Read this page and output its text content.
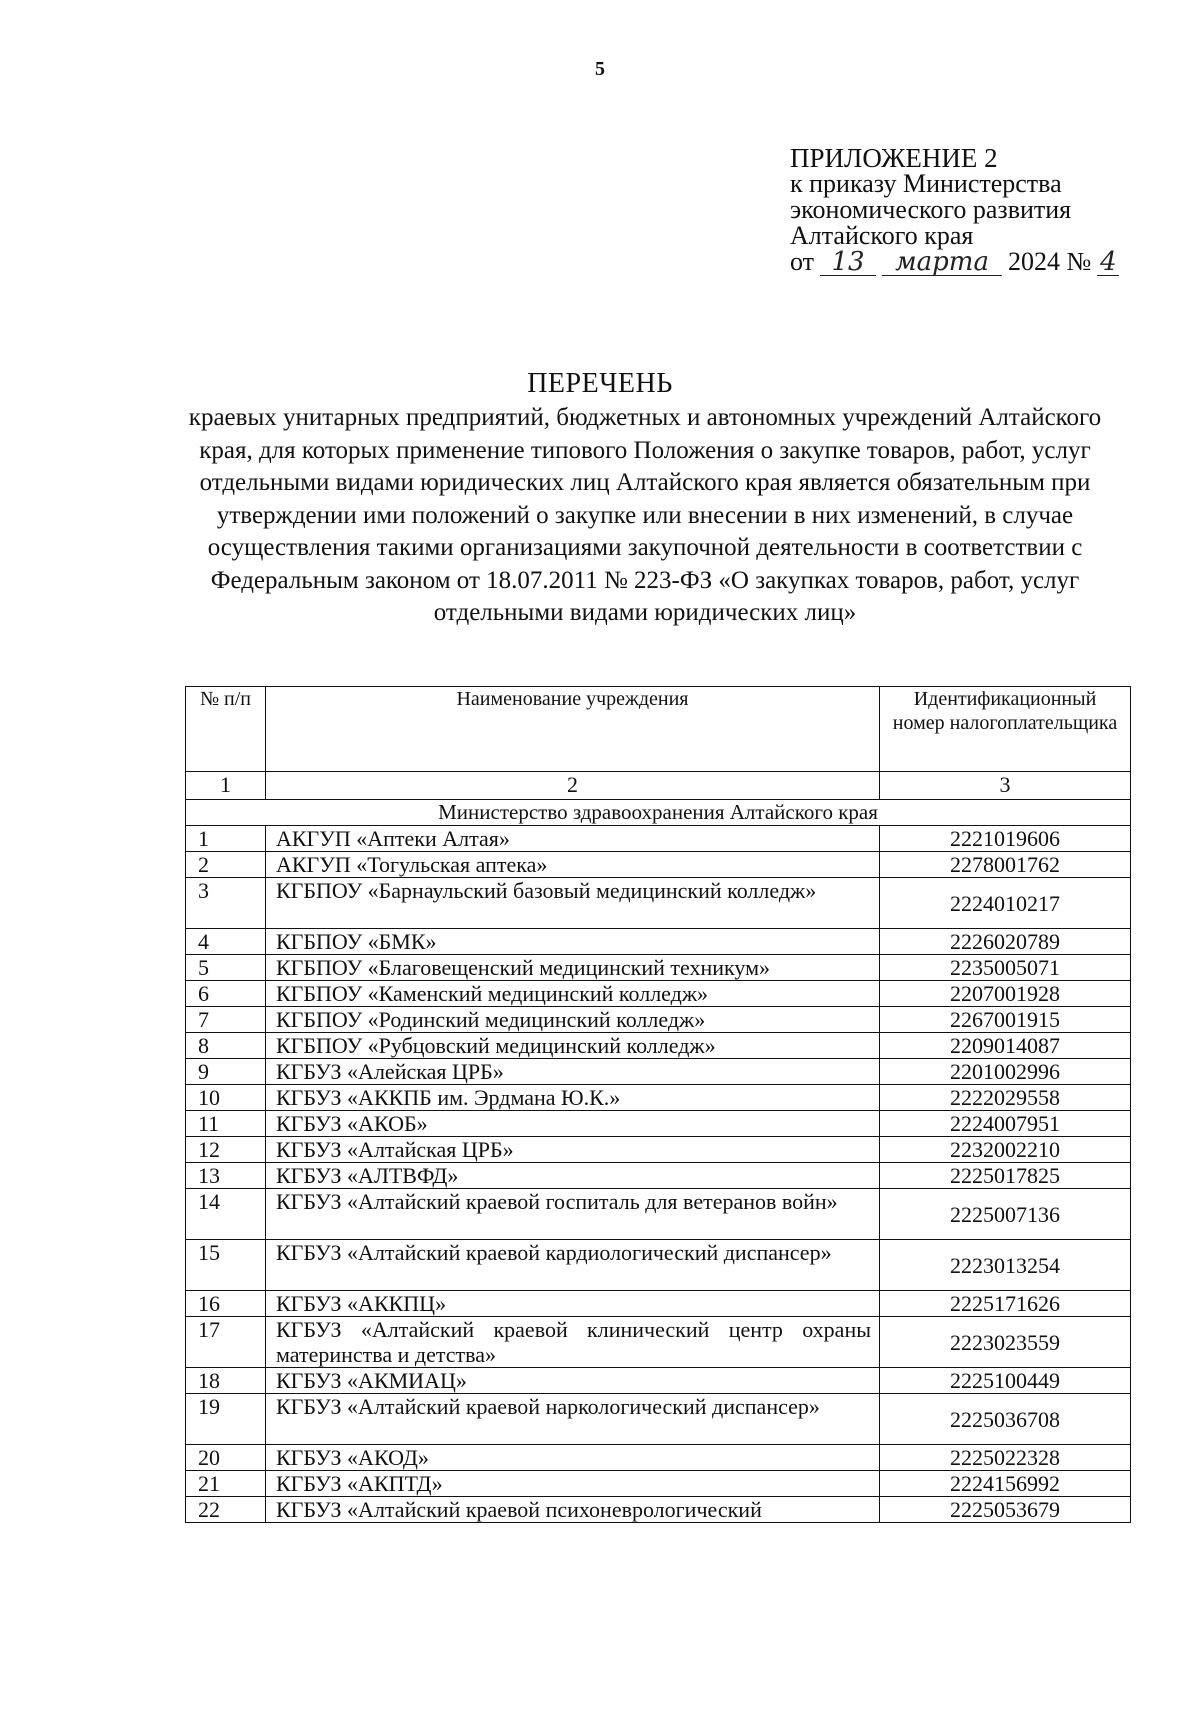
5
ПРИЛОЖЕНИЕ 2
к приказу Министерства
экономического развития
Алтайского края
от 13	марта 2024 № 4
ПЕРЕЧЕНЬ
краевых унитарных предприятий, бюджетных и автономных учреждений Алтайского края, для которых применение типового Положения о закупке товаров, работ, услуг отдельными видами юридических лиц Алтайского края является обязательным при утверждении ими положений о закупке или внесении в них изменений, в случае осуществления такими организациями закупочной деятельности в соответствии с Федеральным законом от 18.07.2011 № 223-ФЗ «О закупках товаров, работ, услуг отдельными видами юридических лиц»
№ п/п	Наименование учреждения	Идентификационный номер налогоплательщика
1	2	3
Министерство здравоохранения Алтайского края		
1	АКГУП «Аптеки Алтая»	2221019606
2	АКГУП «Тогульская аптека»	2278001762
3	КГБПОУ «Барнаульский базовый медицинский колледж»	2224010217
4	КГБПОУ «БМК»	2226020789
5	КГБПОУ «Благовещенский медицинский техникум»	2235005071
6	КГБПОУ «Каменский медицинский колледж»	2207001928
7	КГБПОУ «Родинский медицинский колледж»	2267001915
8	КГБПОУ «Рубцовский медицинский колледж»	2209014087
9	КГБУЗ «Алейская ЦРБ»	2201002996
10	КГБУЗ «АККПБ им. Эрдмана Ю.К.»	2222029558
11	КГБУЗ «АКОБ»	2224007951
12	КГБУЗ «Алтайская ЦРБ»	2232002210
13	КГБУЗ «АЛТВФД»	2225017825
14	КГБУЗ «Алтайский краевой госпиталь для ветеранов войн»	2225007136
15	КГБУЗ «Алтайский краевой кардиологический диспансер»	2223013254
16	КГБУЗ «АККПЦ»	2225171626
17	КГБУЗ «Алтайский краевой клинический центр охраны материнства и детства»	2223023559
18	КГБУЗ «АКМИАЦ»	2225100449
19	КГБУЗ «Алтайский краевой наркологический диспансер»	2225036708
20	КГБУЗ «АКОД»	2225022328
21	КГБУЗ «АКПТД»	2224156992
22	КГБУЗ «Алтайский краевой психоневрологический	2225053679
